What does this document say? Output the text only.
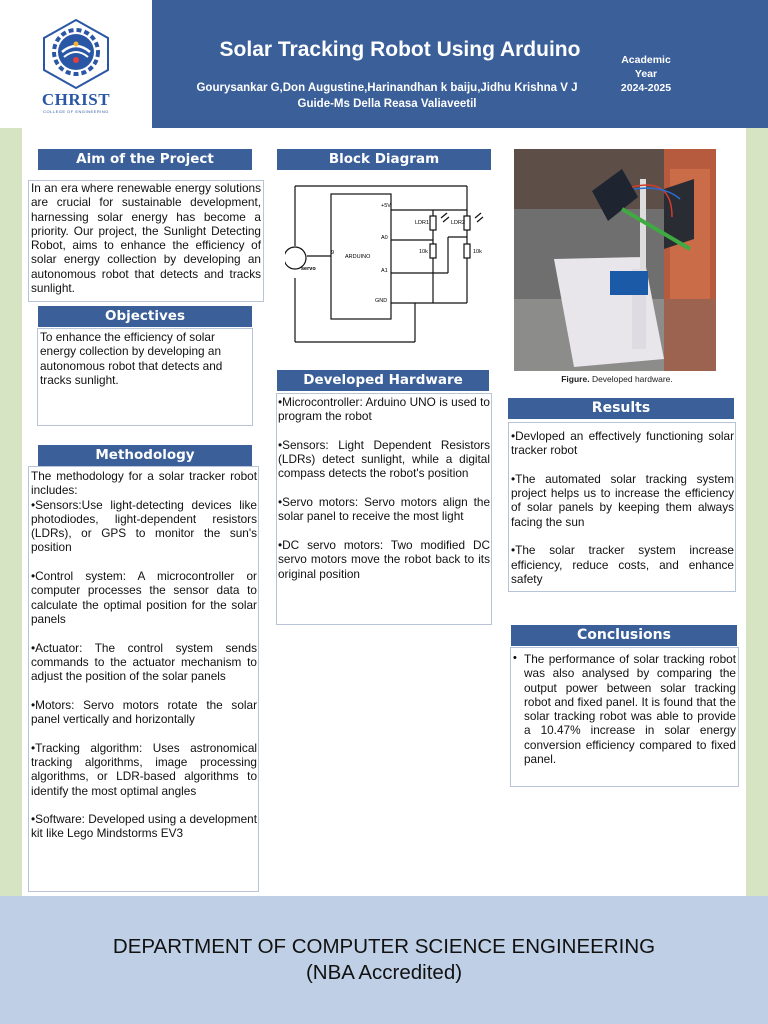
CHRIST
COLLEGE OF ENGINEERING
Solar Tracking Robot Using Arduino
Gourysankar G,Don Augustine,Harinandhan k baiju,Jidhu Krishna V J
Guide-Ms Della Reasa Valiaveetil
Academic
Year
2024-2025
Aim of the Project
In an era where renewable energy solutions are crucial for sustainable development, harnessing solar energy has become a priority. Our project, the Sunlight Detecting Robot, aims to enhance the efficiency of solar energy collection by developing an autonomous robot that detects and tracks sunlight.
Objectives
To enhance the efficiency of solar energy collection by developing an autonomous robot that detects and tracks sunlight.
Methodology

The methodology for a solar tracker robot includes:
•Sensors:Use light-detecting devices like photodiodes, light-dependent resistors (LDRs), or GPS to monitor the sun's position

•Control system: A microcontroller or computer processes the sensor data to calculate the optimal position for the solar panels

•Actuator: The control system sends commands to the actuator mechanism to adjust the position of the solar panels

•Motors: Servo motors rotate the solar panel vertically and horizontally

•Tracking algorithm: Uses astronomical tracking algorithms, image processing algorithms, or LDR-based algorithms to identify the most optimal angles

•Software: Developed using a development kit like Lego Mindstorms EV3

Block Diagram
+5V
A0
ARDUINO
A1
GND
LDR1	LDR2
10k	10k
servo
9
Developed Hardware

•Microcontroller: Arduino UNO is used to program the robot

•Sensors: Light Dependent Resistors (LDRs) detect sunlight, while a digital compass detects the robot's position

•Servo motors: Servo motors align the solar panel to receive the most light

•DC servo motors: Two modified DC servo motors move the robot back to its original position

Figure. Developed hardware.
Results

•Devloped an effectively functioning solar tracker robot

•The automated solar tracking system project helps us to increase the efficiency of solar panels by keeping them always facing the sun

•The solar tracker system increase efficiency, reduce costs, and enhance safety

Conclusions
• The performance of solar tracking robot was also analysed by comparing the output power between solar tracking robot and fixed panel. It is found that the solar tracking robot was able to provide a 10.47% increase in solar energy conversion efficiency compared to fixed panel.
DEPARTMENT OF COMPUTER SCIENCE ENGINEERING
(NBA Accredited)
